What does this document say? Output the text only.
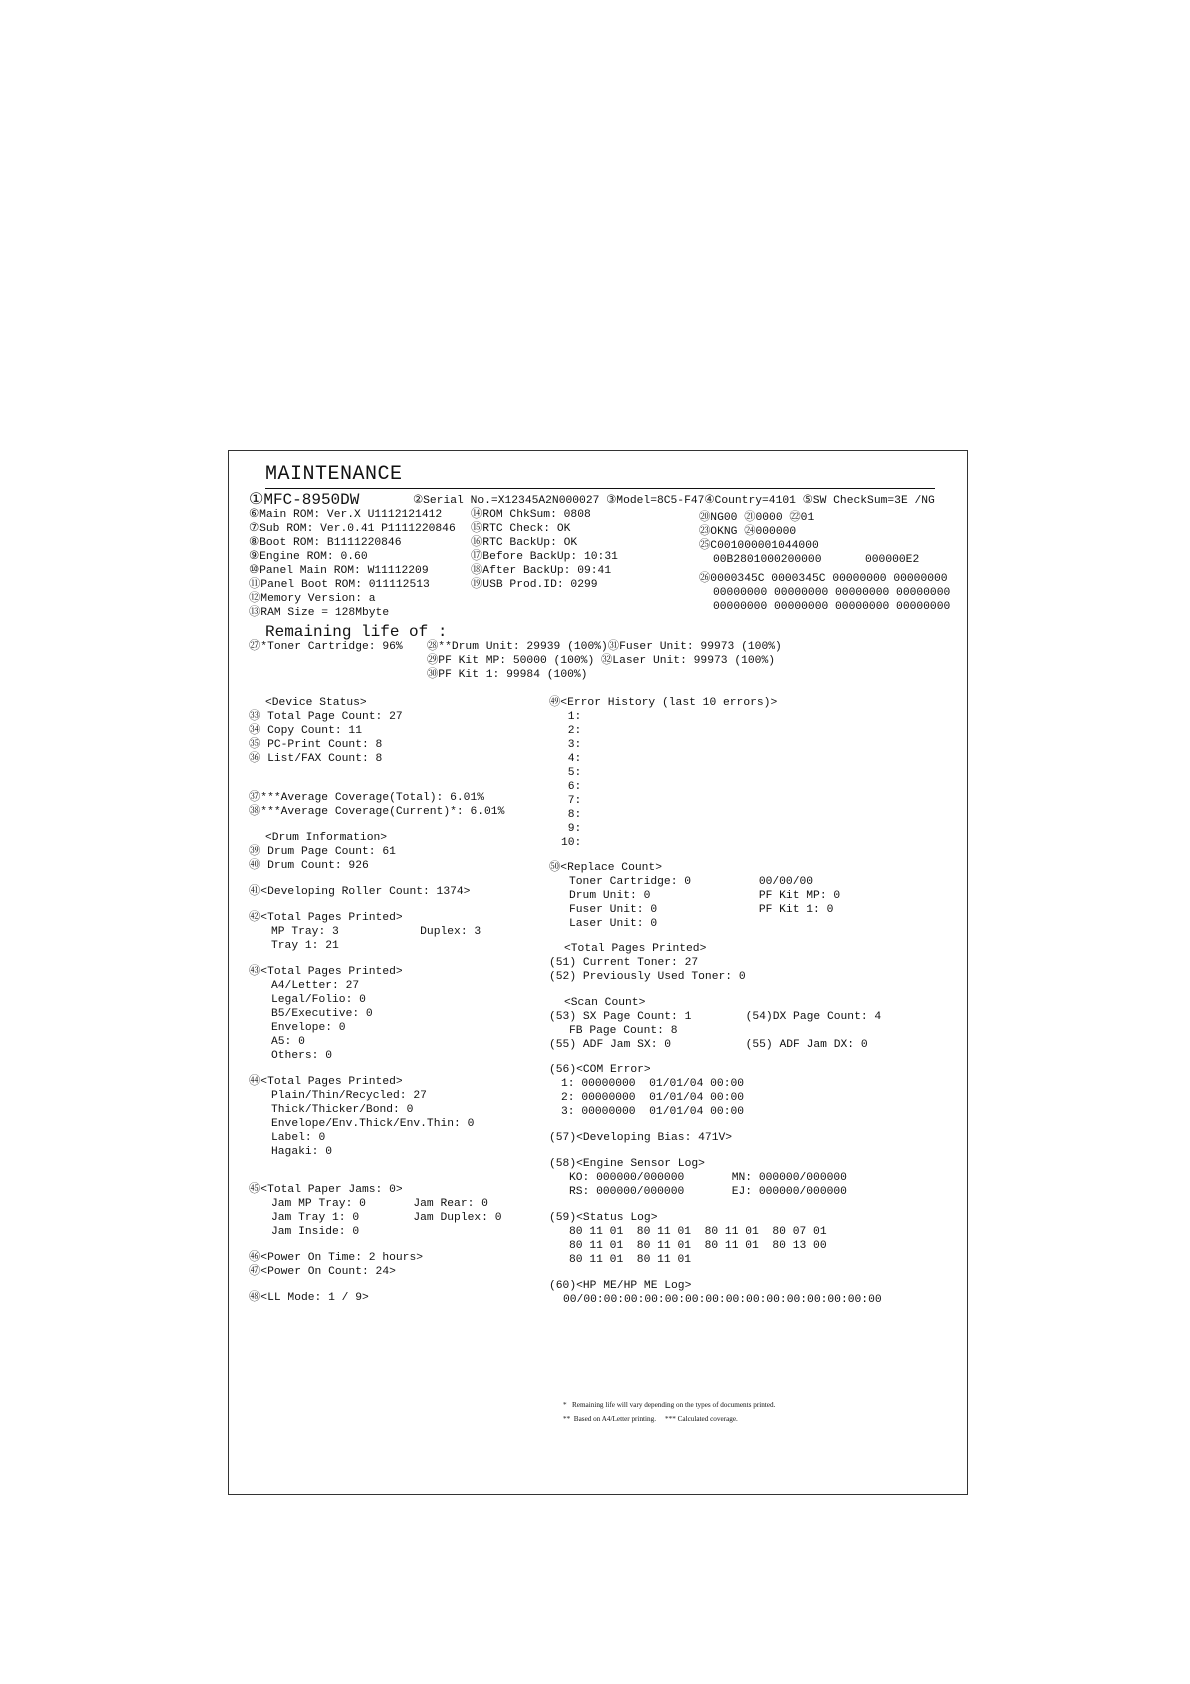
MAINTENANCE
①MFC-8950DW	②Serial No.=X12345A2N000027 ③Model=8C5-F47④Country=4101 ⑤SW CheckSum=3E /NG
⑥Main ROM: Ver.X U1112121412
⑦Sub ROM: Ver.0.41 P1111220846
⑧Boot ROM: B1111220846
⑨Engine ROM: 0.60
⑩Panel Main ROM: W11112209
⑪Panel Boot ROM: 011112513
⑫Memory Version: a
⑬RAM Size = 128Mbyte
⑭ROM ChkSum: 0808
⑮RTC Check: OK
⑯RTC BackUp: OK
⑰Before BackUp: 10:31
⑱After BackUp: 09:41
⑲USB Prod.ID: 0299
⑳NG00 ㉑0000 ㉒01
㉓OKNG ㉔000000
㉕C001000001044000
00B2801000200000	000000E2
㉖0000345C 0000345C 00000000 00000000
00000000 00000000 00000000 00000000
00000000 00000000 00000000 00000000
Remaining life of :
㉗*Toner Cartridge: 96% ㉘**Drum Unit: 29939 (100%)㉛Fuser Unit: 99973 (100%)
㉙PF Kit MP: 50000 (100%) ㉜Laser Unit: 99973 (100%)
㉚PF Kit 1: 99984 (100%)
<Device Status>
㉝ Total Page Count: 27
㉞ Copy Count: 11
㉟ PC-Print Count: 8
㊱ List/FAX Count: 8
㊲***Average Coverage(Total): 6.01%
㊳***Average Coverage(Current)*: 6.01%
<Drum Information>
㊴ Drum Page Count: 61
㊵ Drum Count: 926
㊶<Developing Roller Count: 1374>
㊷<Total Pages Printed>
MP Tray: 3            Duplex: 3
Tray 1: 21
㊸<Total Pages Printed>
A4/Letter: 27
Legal/Folio: 0
B5/Executive: 0
Envelope: 0
A5: 0
Others: 0
㊹<Total Pages Printed>
Plain/Thin/Recycled: 27
Thick/Thicker/Bond: 0
Envelope/Env.Thick/Env.Thin: 0
Label: 0
Hagaki: 0
㊺<Total Paper Jams: 0>
Jam MP Tray: 0       Jam Rear: 0
Jam Tray 1: 0        Jam Duplex: 0
Jam Inside: 0
㊻<Power On Time: 2 hours>
㊼<Power On Count: 24>
㊽<LL Mode: 1 / 9>
㊾<Error History (last 10 errors)>
1:
2:
3:
4:
5:
6:
7:
8:
9:
10:
㊿<Replace Count>
Toner Cartridge: 0          00/00/00
Drum Unit: 0                PF Kit MP: 0
Fuser Unit: 0               PF Kit 1: 0
Laser Unit: 0
<Total Pages Printed>
(51) Current Toner: 27
(52) Previously Used Toner: 0
<Scan Count>
(53) SX Page Count: 1        (54)DX Page Count: 4
FB Page Count: 8
(55) ADF Jam SX: 0           (55) ADF Jam DX: 0
(56)<COM Error>
1: 00000000  01/01/04 00:00
2: 00000000  01/01/04 00:00
3: 00000000  01/01/04 00:00
(57)<Developing Bias: 471V>
(58)<Engine Sensor Log>
KO: 000000/000000       MN: 000000/000000
RS: 000000/000000       EJ: 000000/000000
(59)<Status Log>
80 11 01  80 11 01  80 11 01  80 07 01
80 11 01  80 11 01  80 11 01  80 13 00
80 11 01  80 11 01
(60)<HP ME/HP ME Log>
00/00:00:00:00:00:00:00:00:00:00:00:00:00:00:00
*   Remaining life will vary depending on the types of documents printed.
**  Based on A4/Letter printing.     *** Calculated coverage.
